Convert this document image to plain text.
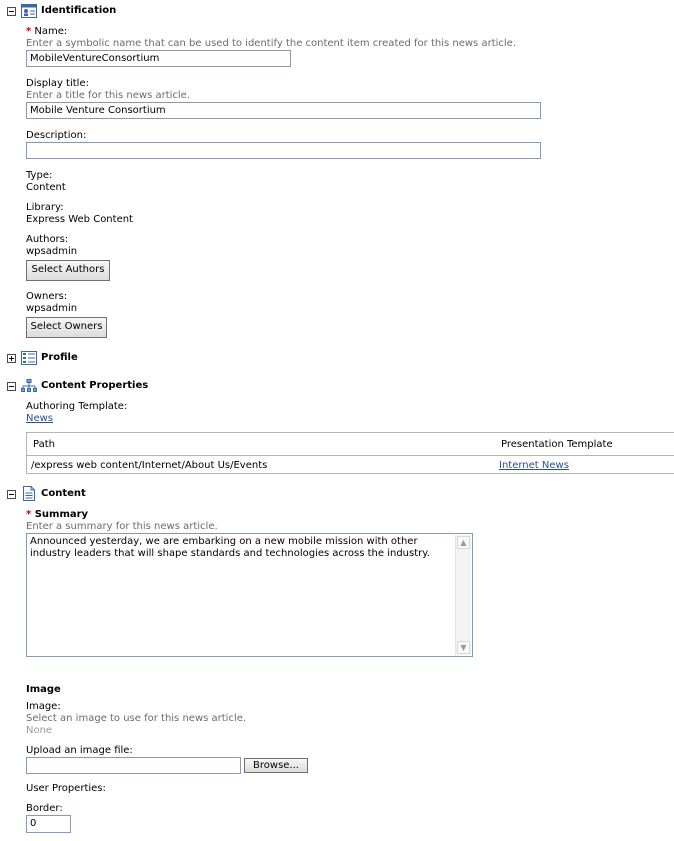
Identification
* Name:
Enter a symbolic name that can be used to identify the content item created for this news article.
MobileVentureConsortium
Display title:
Enter a title for this news article.
Mobile Venture Consortium
Description:
Type:
Content
Library:
Express Web Content
Authors:
wpsadmin
Select Authors
Owners:
wpsadmin
Select Owners
Profile
Content Properties
Authoring Template:
News
Path	Presentation Template
/express web content/Internet/About Us/Events	Internet News
Content
* Summary
Enter a summary for this news article.
Announced yesterday, we are embarking on a new mobile mission with other industry leaders that will shape standards and technologies across the industry.
▲
▼
Image
Image:
Select an image to use for this news article.
None
Upload an image file:
Browse...
User Properties:
Border:
0
